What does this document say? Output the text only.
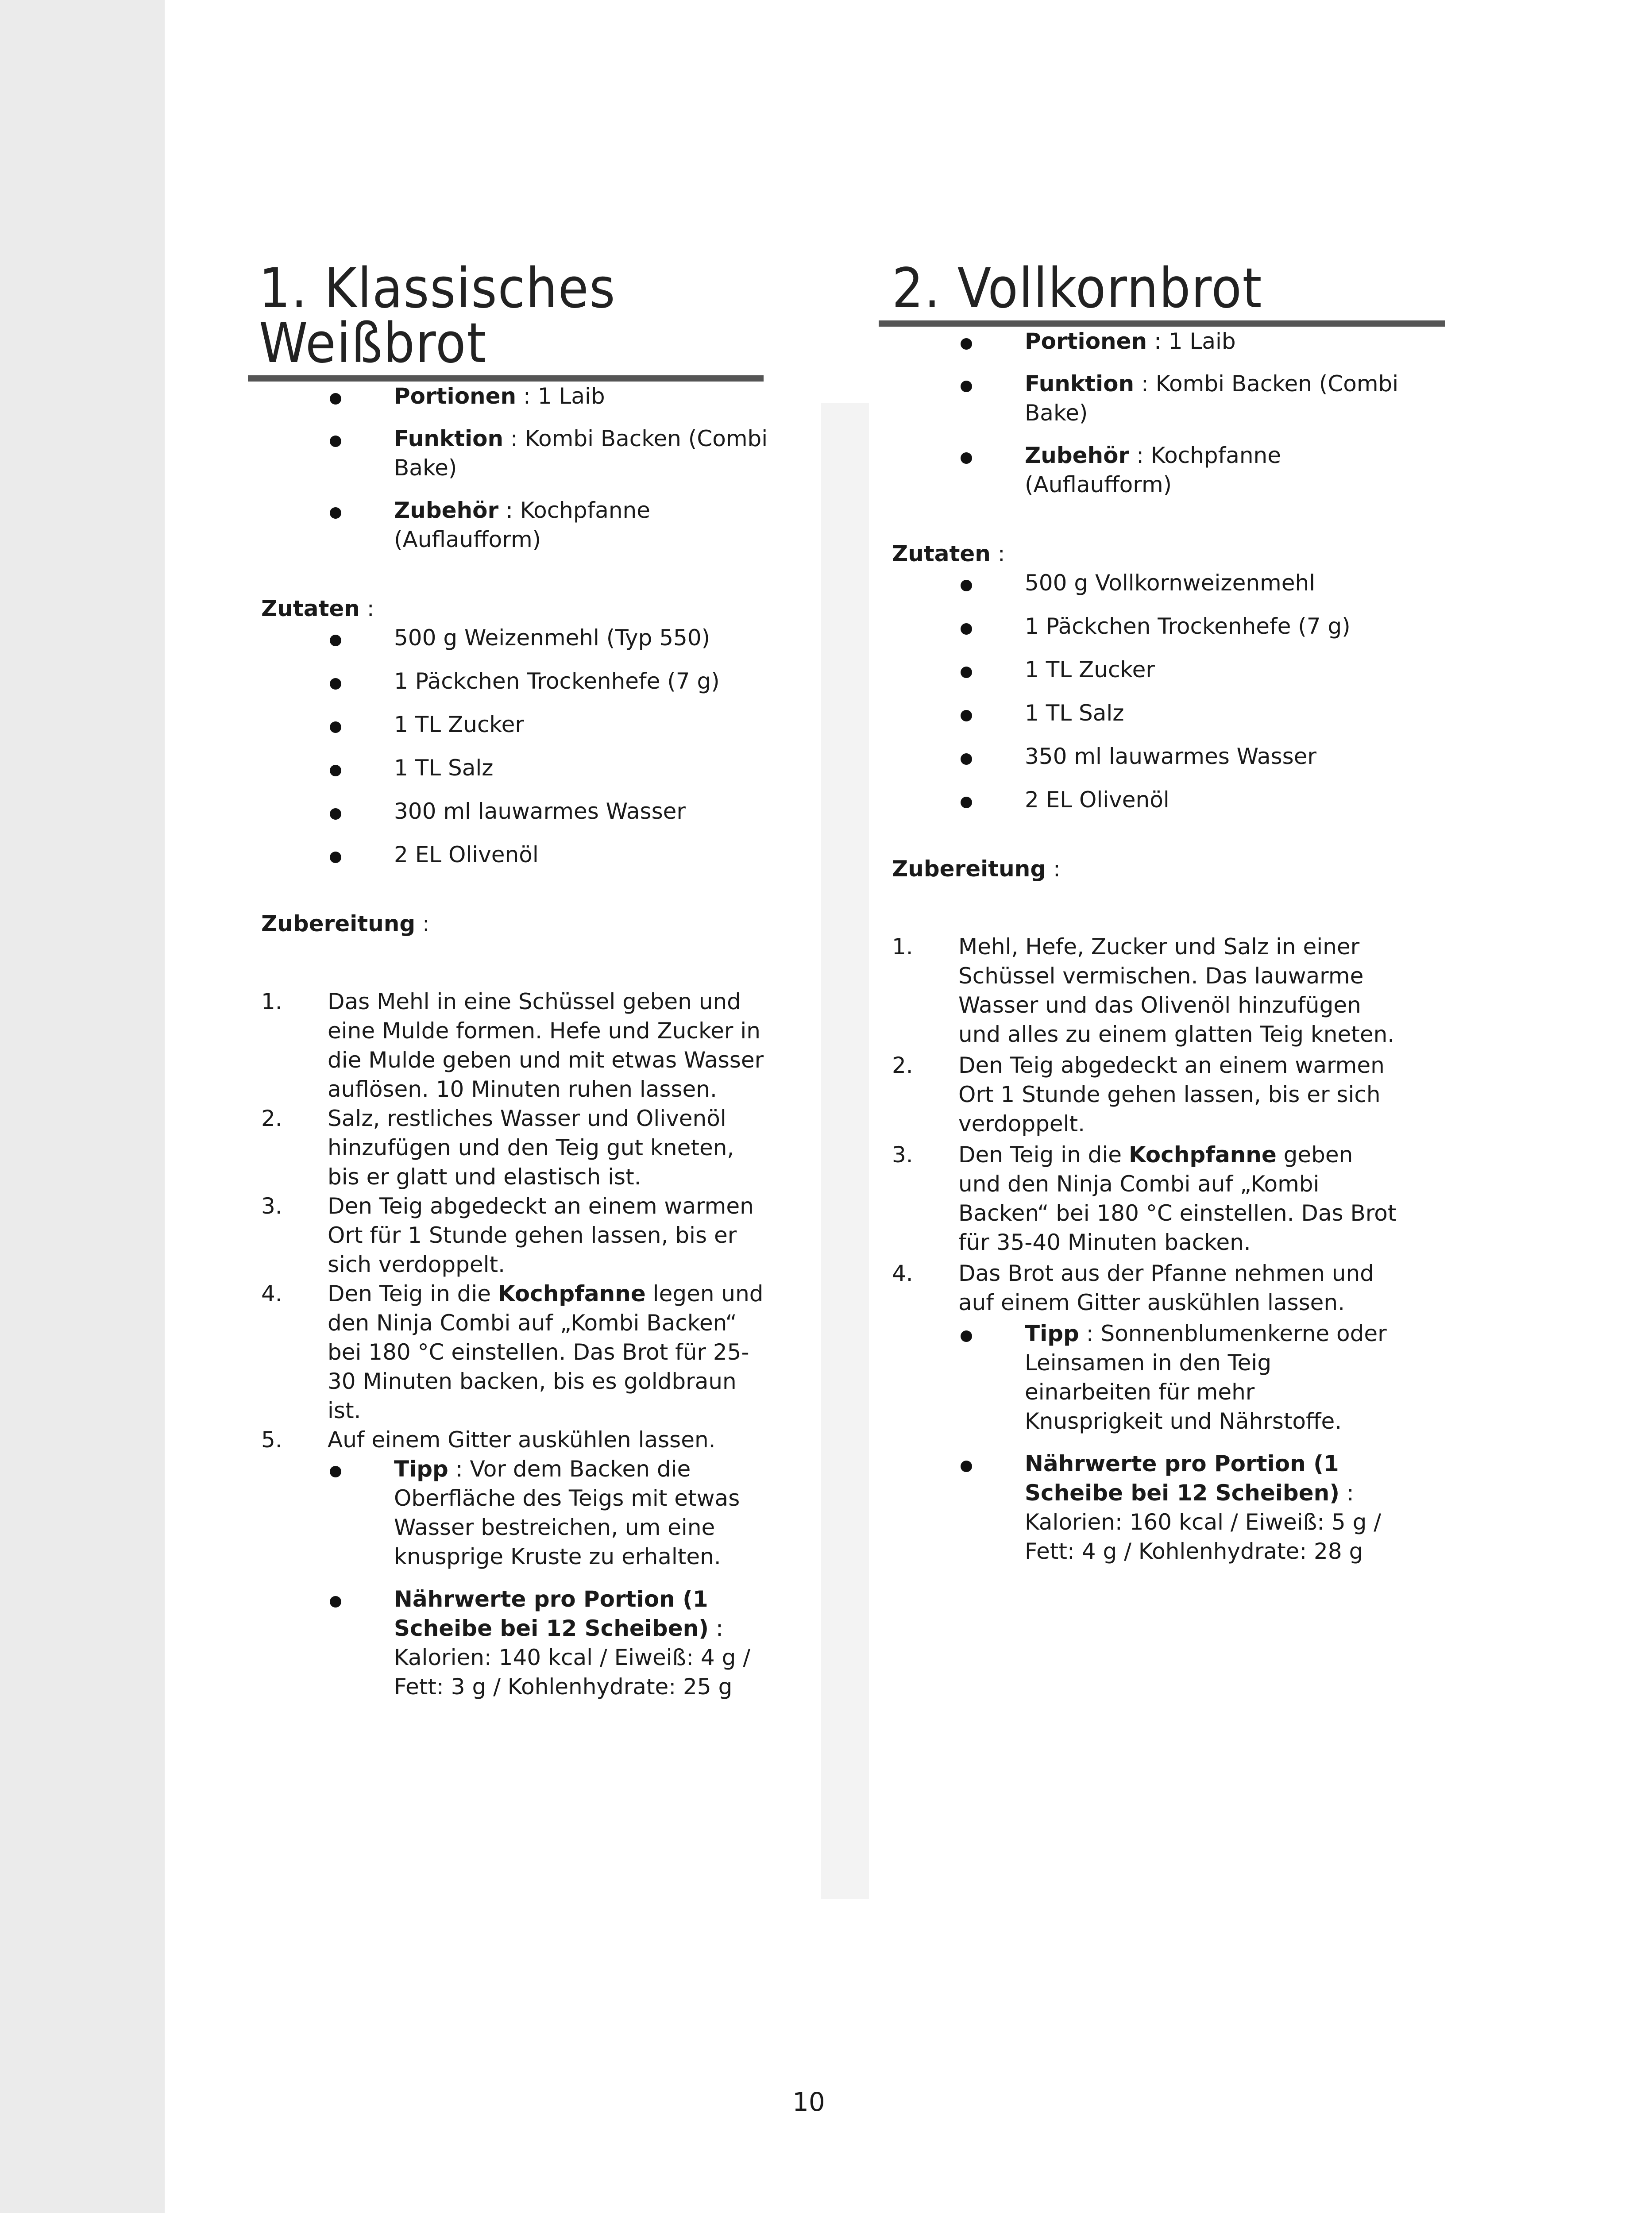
1. Klassisches Weißbrot
Portionen : 1 Laib
Funktion : Kombi Backen (Combi Bake)
Zubehör : Kochpfanne (Auflaufform)
Zutaten :
500 g Weizenmehl (Typ 550)
1 Päckchen Trockenhefe (7 g)
1 TL Zucker
1 TL Salz
300 ml lauwarmes Wasser
2 EL Olivenöl
Zubereitung :
1. Das Mehl in eine Schüssel geben und eine Mulde formen. Hefe und Zucker in die Mulde geben und mit etwas Wasser auflösen. 10 Minuten ruhen lassen.
2. Salz, restliches Wasser und Olivenöl hinzufügen und den Teig gut kneten, bis er glatt und elastisch ist.
3. Den Teig abgedeckt an einem warmen Ort für 1 Stunde gehen lassen, bis er sich verdoppelt.
4. Den Teig in die Kochpfanne legen und den Ninja Combi auf „Kombi Backen“ bei 180 °C einstellen. Das Brot für 25-30 Minuten backen, bis es goldbraun ist.
5. Auf einem Gitter auskühlen lassen.
Tipp : Vor dem Backen die Oberfläche des Teigs mit etwas Wasser bestreichen, um eine knusprige Kruste zu erhalten.
Nährwerte pro Portion (1 Scheibe bei 12 Scheiben) : Kalorien: 140 kcal / Eiweiß: 4 g / Fett: 3 g / Kohlenhydrate: 25 g
2. Vollkornbrot
Portionen : 1 Laib
Funktion : Kombi Backen (Combi Bake)
Zubehör : Kochpfanne (Auflaufform)
Zutaten :
500 g Vollkornweizenmehl
1 Päckchen Trockenhefe (7 g)
1 TL Zucker
1 TL Salz
350 ml lauwarmes Wasser
2 EL Olivenöl
Zubereitung :
1. Mehl, Hefe, Zucker und Salz in einer Schüssel vermischen. Das lauwarme Wasser und das Olivenöl hinzufügen und alles zu einem glatten Teig kneten.
2. Den Teig abgedeckt an einem warmen Ort 1 Stunde gehen lassen, bis er sich verdoppelt.
3. Den Teig in die Kochpfanne geben und den Ninja Combi auf „Kombi Backen“ bei 180 °C einstellen. Das Brot für 35-40 Minuten backen.
4. Das Brot aus der Pfanne nehmen und auf einem Gitter auskühlen lassen.
Tipp : Sonnenblumenkerne oder Leinsamen in den Teig einarbeiten für mehr Knusprigkeit und Nährstoffe.
Nährwerte pro Portion (1 Scheibe bei 12 Scheiben) : Kalorien: 160 kcal / Eiweiß: 5 g / Fett: 4 g / Kohlenhydrate: 28 g
10
